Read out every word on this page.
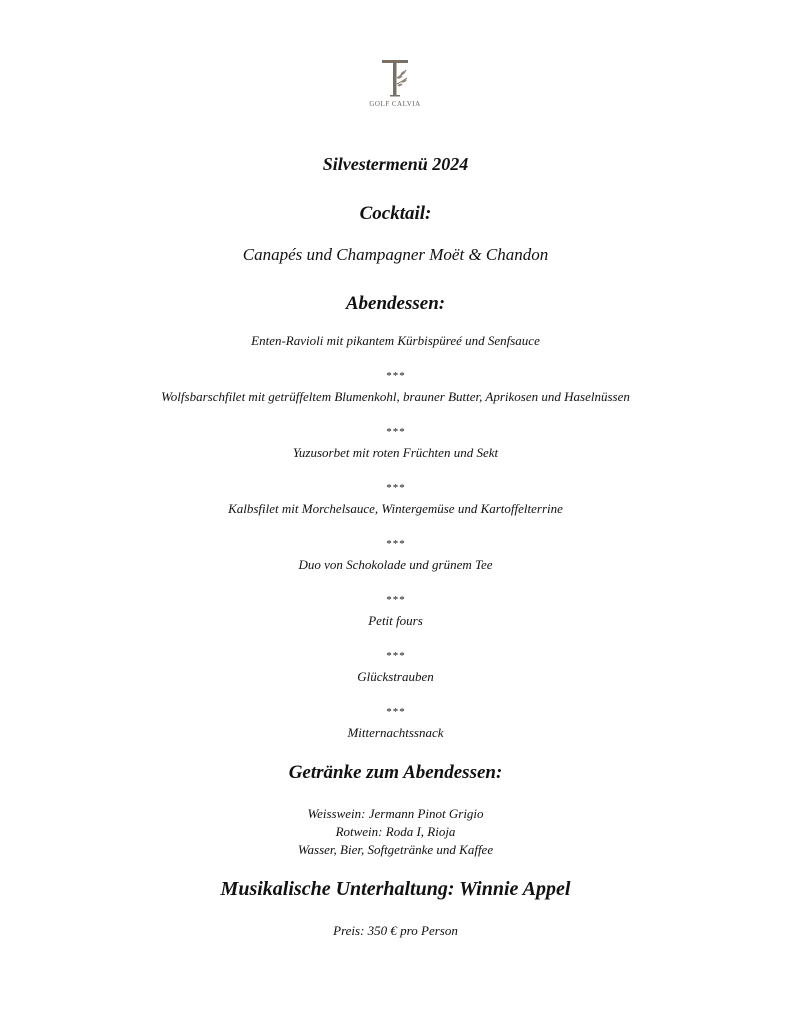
GOLF CALVIA
Silvestermenü 2024
Cocktail:
Canapés und Champagner Moët & Chandon
Abendessen:
Enten-Ravioli mit pikantem Kürbispüreé und Senfsauce
***
Wolfsbarschfilet mit getrüffeltem Blumenkohl, brauner Butter, Aprikosen und Haselnüssen
***
Yuzusorbet mit roten Früchten und Sekt
***
Kalbsfilet mit Morchelsauce, Wintergemüse und Kartoffelterrine
***
Duo von Schokolade und grünem Tee
***
Petit fours
***
Glückstrauben
***
Mitternachtssnack
Getränke zum Abendessen:
Weisswein: Jermann Pinot Grigio
Rotwein: Roda I, Rioja
Wasser, Bier, Softgetränke und Kaffee
Musikalische Unterhaltung: Winnie Appel
Preis: 350 € pro Person
